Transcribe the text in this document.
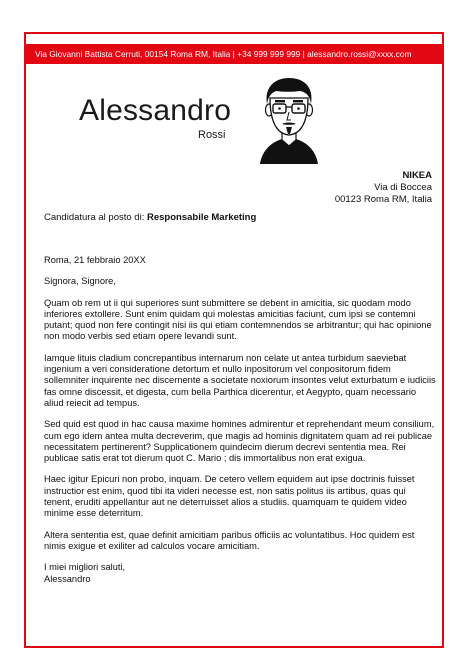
Via Giovanni Battista Cerruti, 00154 Roma RM, Italia | +34 999 999 999 | alessandro.rossi@xxxx.com
Alessandro
Rossi
NIKEA
Via di Boccea
00123 Roma RM, Italia
Candidatura al posto di: Responsabile Marketing

Roma, 21 febbraio 20XX

Signora, Signore,

Quam ob rem ut ii qui superiores sunt submittere se debent in amicitia, sic quodam modo inferiores extollere. Sunt enim quidam qui molestas amicitias faciunt, cum ipsi se contemni putant; quod non fere contingit nisi iis qui etiam contemnendos se arbitrantur; qui hac opinione non modo verbis sed etiam opere levandi sunt.

Iamque lituis cladium concrepantibus internarum non celate ut antea turbidum saeviebat ingenium a veri consideratione detortum et nullo inpositorum vel conpositorum fidem sollemniter inquirente nec discernente a societate noxiorum insontes velut exturbatum e iudiciis fas omne discessit, et digesta, cum bella Parthica dicerentur, et Aegypto, quam necessario aliud reiecit ad tempus.

Sed quid est quod in hac causa maxime homines admirentur et reprehendant meum consilium, cum ego idem antea multa decreverim, que magis ad hominis dignitatem quam ad rei publicae necessitatem pertinerent? Supplicationem quindecim dierum decrevi sententia mea. Rei publicae satis erat tot dierum quot C. Mario ; dis immortalibus non erat exigua.

Haec igitur Epicuri non probo, inquam. De cetero vellem equidem aut ipse doctrinis fuisset instructior est enim, quod tibi ita videri necesse est, non satis politus iis artibus, quas qui tenent, eruditi appellantur aut ne deterruisset alios a studiis. quamquam te quidem video minime esse deterritum.

Altera sententia est, quae definit amicitiam paribus officiis ac voluntatibus. Hoc quidem est nimis exigue et exiliter ad calculos vocare amicitiam.

I miei migliori saluti,
Alessandro
